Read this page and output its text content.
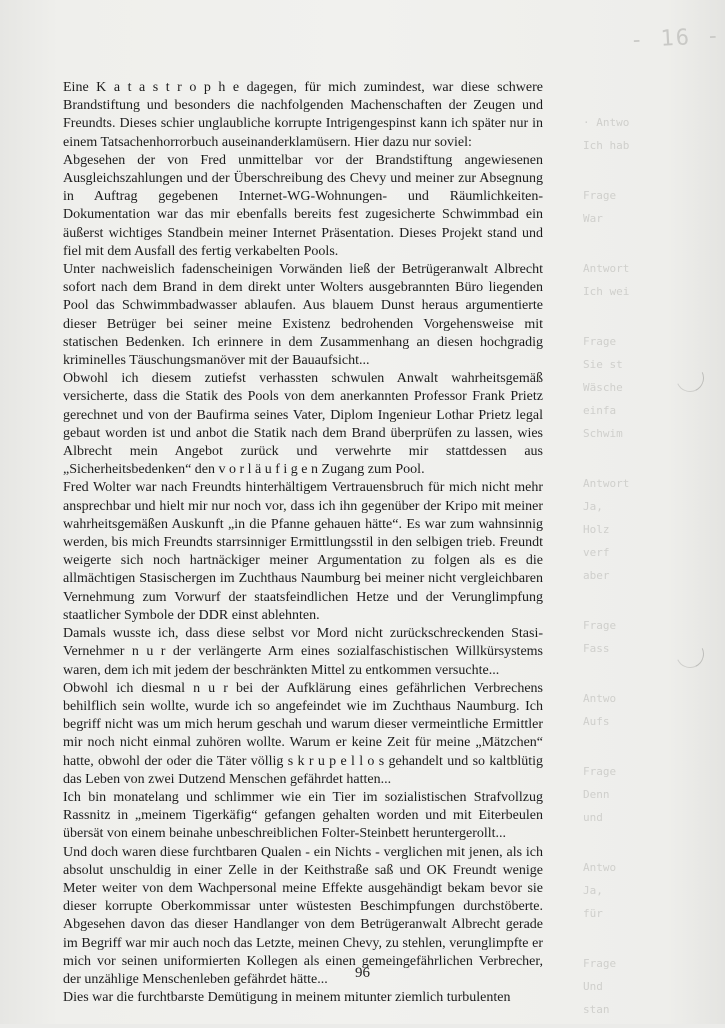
- 16 -
· Antwo
Ich hab
Frage
War
Antwort
Ich wei
Frage
Sie st
Wäsche
einfa
Schwim
Antwort
Ja,
Holz
verf
aber
Frage
Fass
Antwo
Aufs
Frage
Denn
und
Antwo
Ja,
für
Frage
Und
stan

Eine K a t a s t r o p h e dagegen, für mich zumindest, war diese schwere Brandstiftung und besonders die nachfolgenden Machenschaften der Zeugen und Freundts. Dieses schier unglaubliche korrupte Intrigengespinst kann ich später nur in einem Tatsachenhorrorbuch auseinanderklamüsern. Hier dazu nur soviel:

Abgesehen der von Fred unmittelbar vor der Brandstiftung angewiesenen Ausgleichszahlungen und der Überschreibung des Chevy und meiner zur Absegnung in Auftrag gegebenen Internet-WG-Wohnungen- und Räumlichkeiten-Dokumentation war das mir ebenfalls bereits fest zugesicherte Schwimmbad ein äußerst wichtiges Standbein meiner Internet Präsentation. Dieses Projekt stand und fiel mit dem Ausfall des fertig verkabelten Pools.

Unter nachweislich fadenscheinigen Vorwänden ließ der Betrügeranwalt Albrecht sofort nach dem Brand in dem direkt unter Wolters ausgebrannten Büro liegenden Pool das Schwimmbadwasser ablaufen. Aus blauem Dunst heraus argumentierte dieser Betrüger bei seiner meine Existenz bedrohenden Vorgehensweise mit statischen Bedenken. Ich erinnere in dem Zusammenhang an diesen hochgradig kriminelles Täuschungsmanöver mit der Bauaufsicht...

Obwohl ich diesem zutiefst verhassten schwulen Anwalt wahrheitsgemäß versicherte, dass die Statik des Pools von dem anerkannten Professor Frank Prietz gerechnet und von der Baufirma seines Vater, Diplom Ingenieur Lothar Prietz legal gebaut worden ist und anbot die Statik nach dem Brand überprüfen zu lassen, wies Albrecht mein Angebot zurück und verwehrte mir stattdessen aus „Sicherheitsbedenken“ den v o r l ä u f i g e n Zugang zum Pool.

Fred Wolter war nach Freundts hinterhältigem Vertrauensbruch für mich nicht mehr ansprechbar und hielt mir nur noch vor, dass ich ihn gegenüber der Kripo mit meiner wahrheitsgemäßen Auskunft „in die Pfanne gehauen hätte“. Es war zum wahnsinnig werden, bis mich Freundts starrsinniger Ermittlungsstil in den selbigen trieb. Freundt weigerte sich noch hartnäckiger meiner Argumentation zu folgen als es die allmächtigen Stasischergen im Zuchthaus Naumburg bei meiner nicht vergleichbaren Vernehmung zum Vorwurf der staatsfeindlichen Hetze und der Verunglimpfung staatlicher Symbole der DDR einst ablehnten.

Damals wusste ich, dass diese selbst vor Mord nicht zurückschreckenden Stasi-Vernehmer n u r der verlängerte Arm eines sozialfaschistischen Willkürsystems waren, dem ich mit jedem der beschränkten Mittel zu entkommen versuchte...

Obwohl ich diesmal n u r bei der Aufklärung eines gefährlichen Verbrechens behilflich sein wollte, wurde ich so angefeindet wie im Zuchthaus Naumburg. Ich begriff nicht was um mich herum geschah und warum dieser vermeintliche Ermittler mir noch nicht einmal zuhören wollte. Warum er keine Zeit für meine „Mätzchen“ hatte, obwohl der oder die Täter völlig s k r u p e l l o s gehandelt und so kaltblütig das Leben von zwei Dutzend Menschen gefährdet hatten...

Ich bin monatelang und schlimmer wie ein Tier im sozialistischen Strafvollzug Rassnitz in „meinem Tigerkäfig“ gefangen gehalten worden und mit Eiterbeulen übersät von einem beinahe unbeschreiblichen Folter-Steinbett heruntergerollt...

Und doch waren diese furchtbaren Qualen - ein Nichts - verglichen mit jenen, als ich absolut unschuldig in einer Zelle in der Keithstraße saß und OK Freundt wenige Meter weiter von dem Wachpersonal meine Effekte ausgehändigt bekam bevor sie dieser korrupte Oberkommissar unter wüstesten Beschimpfungen durchstöberte. Abgesehen davon das dieser Handlanger von dem Betrügeranwalt Albrecht gerade im Begriff war mir auch noch das Letzte, meinen Chevy, zu stehlen, verunglimpfte er mich vor seinen uniformierten Kollegen als einen gemeingefährlichen Verbrecher, der unzählige Menschenleben gefährdet hätte...

Dies war die furchtbarste Demütigung in meinem mitunter ziemlich turbulenten

96
